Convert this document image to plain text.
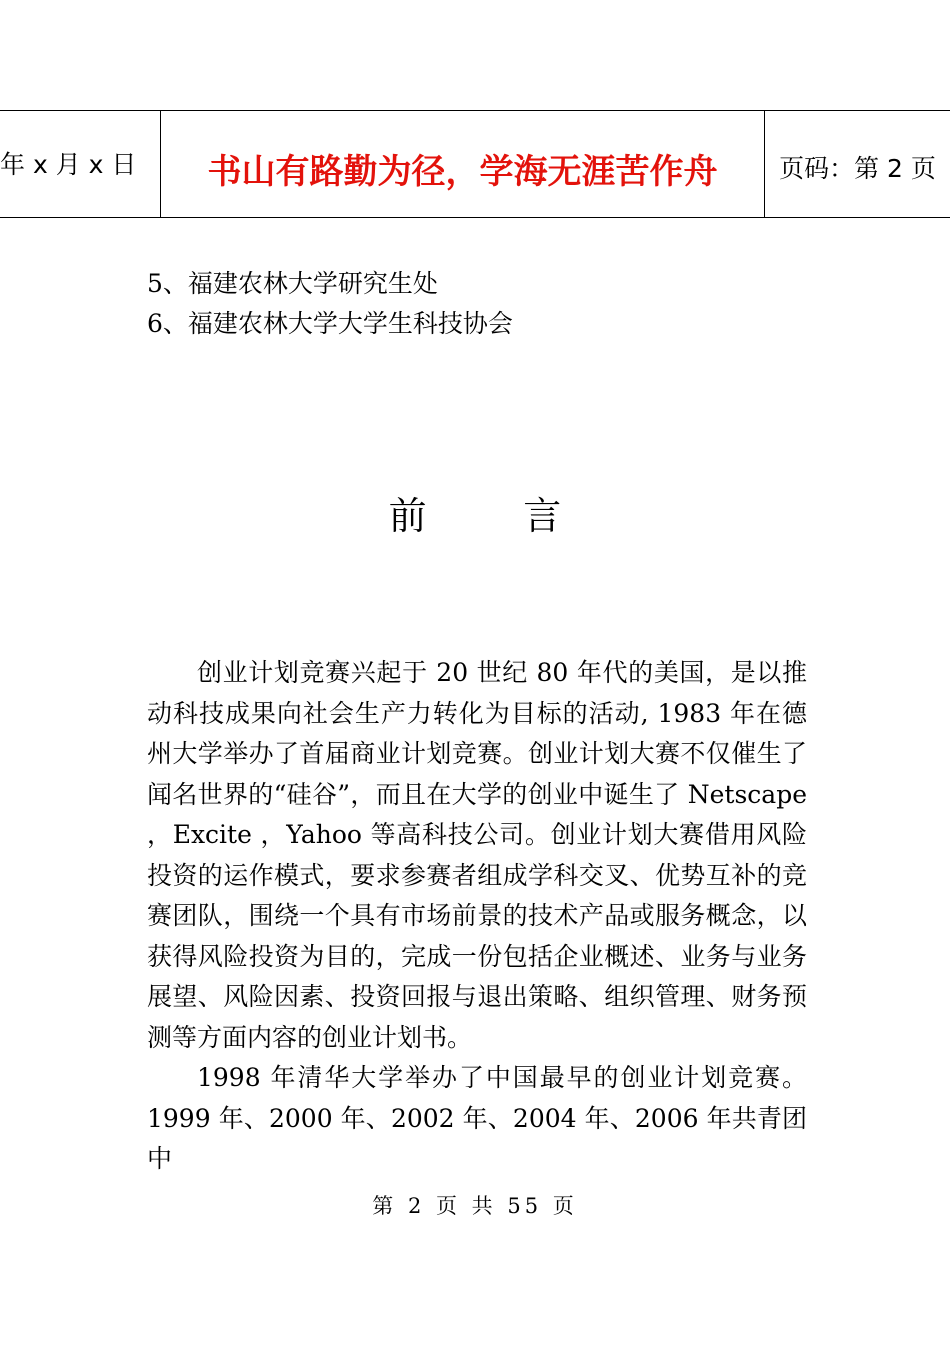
年 x 月 x 日	书山有路勤为径，学海无涯苦作舟	页码：第 2 页
5、福建农林大学研究生处
6、福建农林大学大学生科技协会
前        言

创业计划竞赛兴起于 20 世纪 80 年代的美国，是以推动科技成果向社会生产力转化为目标的活动, 1983 年在德州大学举办了首届商业计划竞赛。创业计划大赛不仅催生了闻名世界的“硅谷”，而且在大学的创业中诞生了 Netscape ，Excite ，Yahoo 等高科技公司。创业计划大赛借用风险投资的运作模式，要求参赛者组成学科交叉、优势互补的竞赛团队，围绕一个具有市场前景的技术产品或服务概念，以获得风险投资为目的，完成一份包括企业概述、业务与业务展望、风险因素、投资回报与退出策略、组织管理、财务预测等方面内容的创业计划书。

1998 年清华大学举办了中国最早的创业计划竞赛。1999 年、2000 年、2002 年、2004 年、2006 年共青团中

第 2 页 共 55 页
